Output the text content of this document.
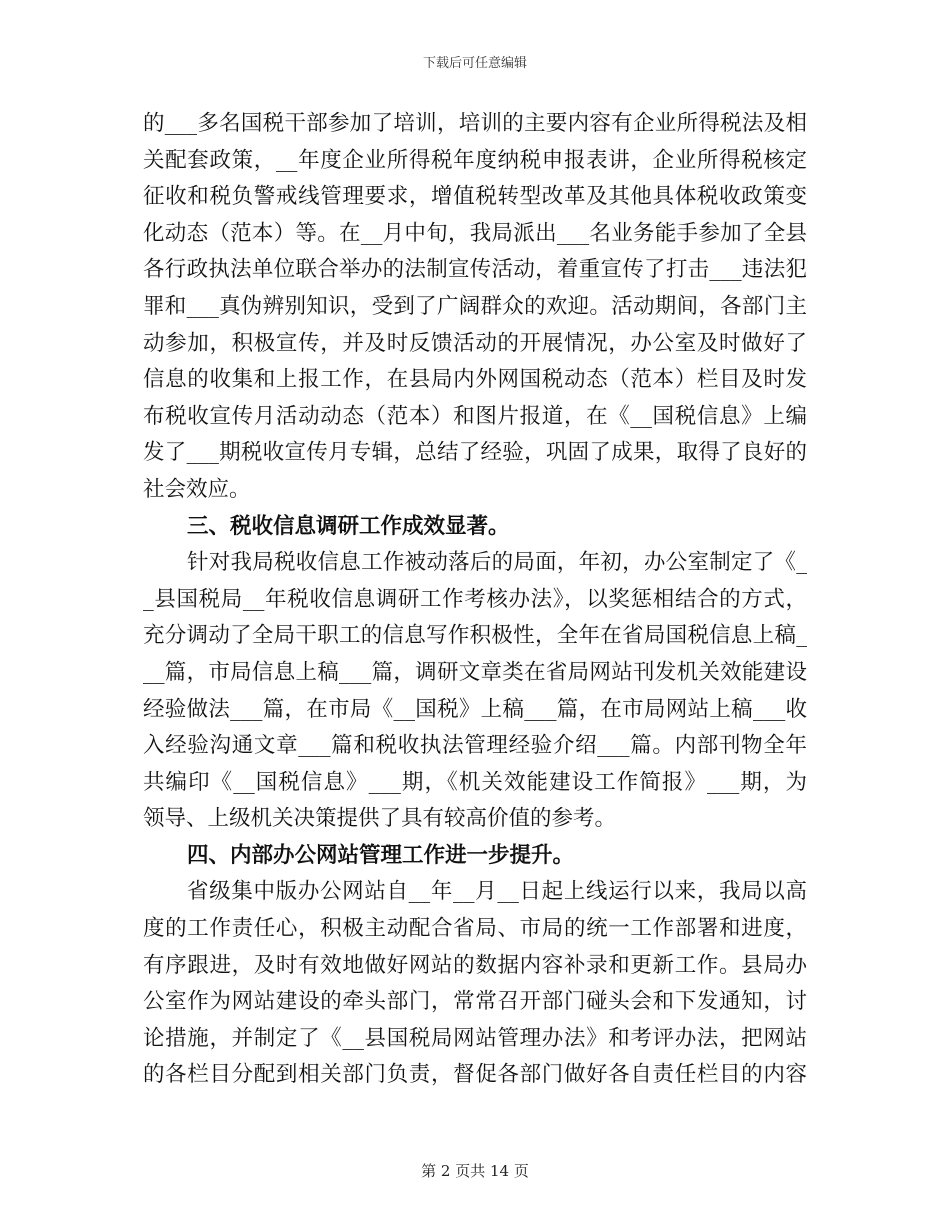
下载后可任意编辑
的___多名国税干部参加了培训，培训的主要内容有企业所得税法及相
关配套政策，__年度企业所得税年度纳税申报表讲，企业所得税核定
征收和税负警戒线管理要求，增值税转型改革及其他具体税收政策变
化动态（范本）等。在__月中旬，我局派出___名业务能手参加了全县
各行政执法单位联合举办的法制宣传活动，着重宣传了打击___违法犯
罪和___真伪辨别知识，受到了广阔群众的欢迎。活动期间，各部门主
动参加，积极宣传，并及时反馈活动的开展情况，办公室及时做好了
信息的收集和上报工作，在县局内外网国税动态（范本）栏目及时发
布税收宣传月活动动态（范本）和图片报道，在《__国税信息》上编
发了___期税收宣传月专辑，总结了经验，巩固了成果，取得了良好的
社会效应。
三、税收信息调研工作成效显著。
针对我局税收信息工作被动落后的局面，年初，办公室制定了《_
_县国税局__年税收信息调研工作考核办法》，以奖惩相结合的方式，
充分调动了全局干职工的信息写作积极性，全年在省局国税信息上稿_
__篇，市局信息上稿___篇，调研文章类在省局网站刊发机关效能建设
经验做法___篇，在市局《__国税》上稿___篇，在市局网站上稿___收
入经验沟通文章___篇和税收执法管理经验介绍___篇。内部刊物全年
共编印《__国税信息》___期，《机关效能建设工作简报》___期，为
领导、上级机关决策提供了具有较高价值的参考。
四、内部办公网站管理工作进一步提升。
省级集中版办公网站自__年__月__日起上线运行以来，我局以高
度的工作责任心，积极主动配合省局、市局的统一工作部署和进度，
有序跟进，及时有效地做好网站的数据内容补录和更新工作。县局办
公室作为网站建设的牵头部门，常常召开部门碰头会和下发通知，讨
论措施，并制定了《__县国税局网站管理办法》和考评办法，把网站
的各栏目分配到相关部门负责，督促各部门做好各自责任栏目的内容
第 2 页共 14 页
